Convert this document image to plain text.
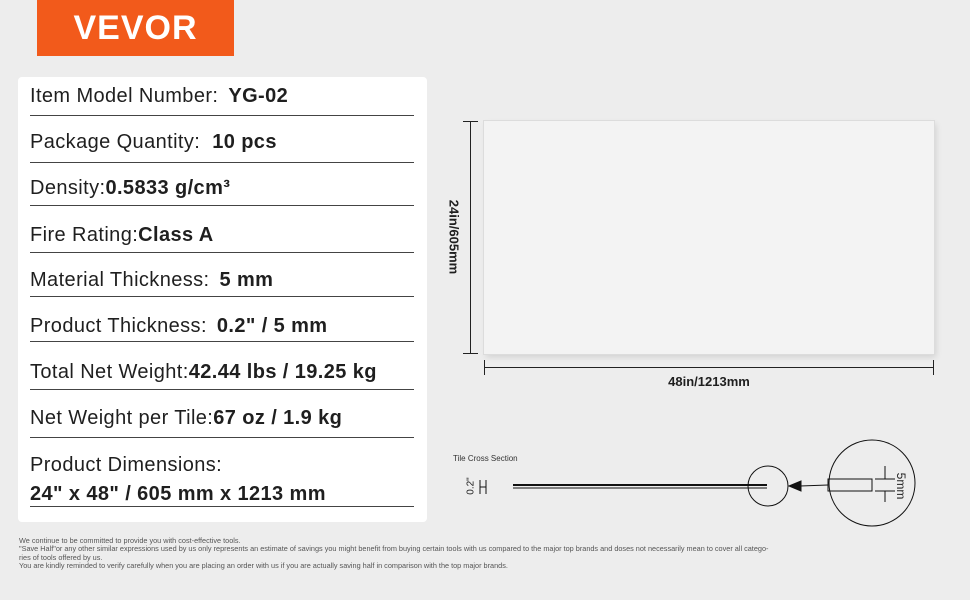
VEVOR
Item Model Number: YG-02
Package Quantity: 10 pcs
Density:0.5833 g/cm³
Fire Rating:Class A
Material Thickness: 5 mm
Product Thickness: 0.2" / 5 mm
Total Net Weight:42.44 lbs / 19.25 kg
Net Weight per Tile:67 oz / 1.9 kg
Product Dimensions:
24" x 48" / 605 mm x 1213 mm
24in/605mm
48in/1213mm
Tile Cross Section
0.2"	5mm
We continue to be committed to provide you with cost-effective tools.
"Save Half"or any other similar expressions used by us only represents an estimate of savings you might benefit from buying certain tools with us compared to the major top brands and doses not necessarily mean to cover all catego-
ries of tools offered by us.
You are kindly reminded to verify carefully when you are placing an order with us if you are actually saving half in comparison with the top major brands.
